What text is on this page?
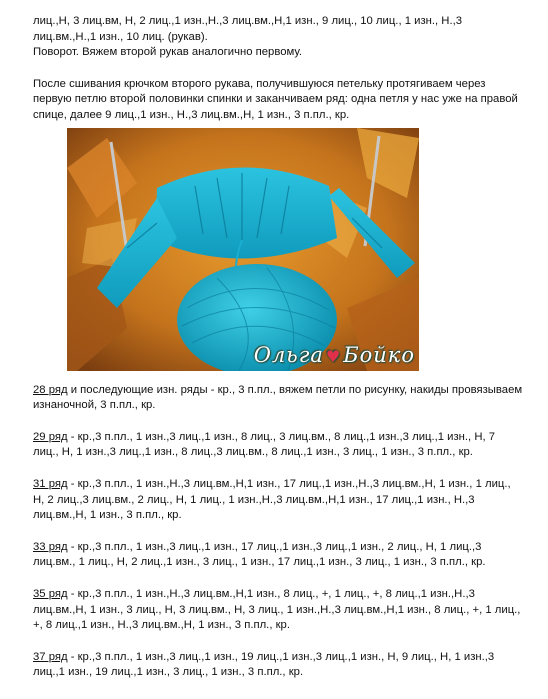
лиц.,Н, 3 лиц.вм, Н, 2 лиц.,1 изн.,Н.,3 лиц.вм.,Н,1 изн., 9 лиц., 10 лиц., 1 изн., Н.,3
лиц.вм.,Н.,1 изн., 10 лиц. (рукав).
Поворот. Вяжем второй рукав аналогично первому.

После сшивания крючком второго рукава, получившуюся петельку протягиваем через первую петлю второй половинки спинки и заканчиваем ряд: одна петля у нас уже на правой спице, далее 9 лиц.,1 изн., Н.,3 лиц.вм.,Н, 1 изн., 3 п.пл., кр.

Ольга ♥Бойко

28 ряд и последующие изн. ряды - кр., 3 п.пл., вяжем петли по рисунку, накиды провязываем изнаночной, 3 п.пл., кр.

29 ряд - кр.,3 п.пл., 1 изн.,3 лиц.,1 изн., 8 лиц., 3 лиц.вм., 8 лиц.,1 изн.,3 лиц.,1 изн., Н, 7 лиц., Н, 1 изн.,3 лиц.,1 изн., 8 лиц.,3 лиц.вм., 8 лиц.,1 изн., 3 лиц., 1 изн., 3 п.пл., кр.

31 ряд - кр.,3 п.пл., 1 изн.,Н.,3 лиц.вм.,Н,1 изн., 17 лиц.,1 изн.,Н.,3 лиц.вм.,Н, 1 изн., 1 лиц., Н, 2 лиц.,3 лиц.вм., 2 лиц., Н, 1 лиц., 1 изн.,Н.,3 лиц.вм.,Н,1 изн., 17 лиц.,1 изн., Н.,3 лиц.вм.,Н, 1 изн., 3 п.пл., кр.

33 ряд - кр.,3 п.пл., 1 изн.,3 лиц.,1 изн., 17 лиц.,1 изн.,3 лиц.,1 изн., 2 лиц., Н, 1 лиц.,3 лиц.вм., 1 лиц., Н, 2 лиц.,1 изн., 3 лиц., 1 изн., 17 лиц.,1 изн., 3 лиц., 1 изн., 3 п.пл., кр.

35 ряд - кр.,3 п.пл., 1 изн.,Н.,3 лиц.вм.,Н,1 изн., 8 лиц., +, 1 лиц., +, 8 лиц.,1 изн.,Н.,3 лиц.вм.,Н, 1 изн., 3 лиц., Н, 3 лиц.вм., Н, 3 лиц., 1 изн.,Н.,3 лиц.вм.,Н,1 изн., 8 лиц., +, 1 лиц., +, 8 лиц.,1 изн., Н.,3 лиц.вм.,Н, 1 изн., 3 п.пл., кр.

37 ряд - кр.,3 п.пл., 1 изн.,3 лиц.,1 изн., 19 лиц.,1 изн.,3 лиц.,1 изн., Н, 9 лиц., Н, 1 изн.,3 лиц.,1 изн., 19 лиц.,1 изн., 3 лиц., 1 изн., 3 п.пл., кр.
